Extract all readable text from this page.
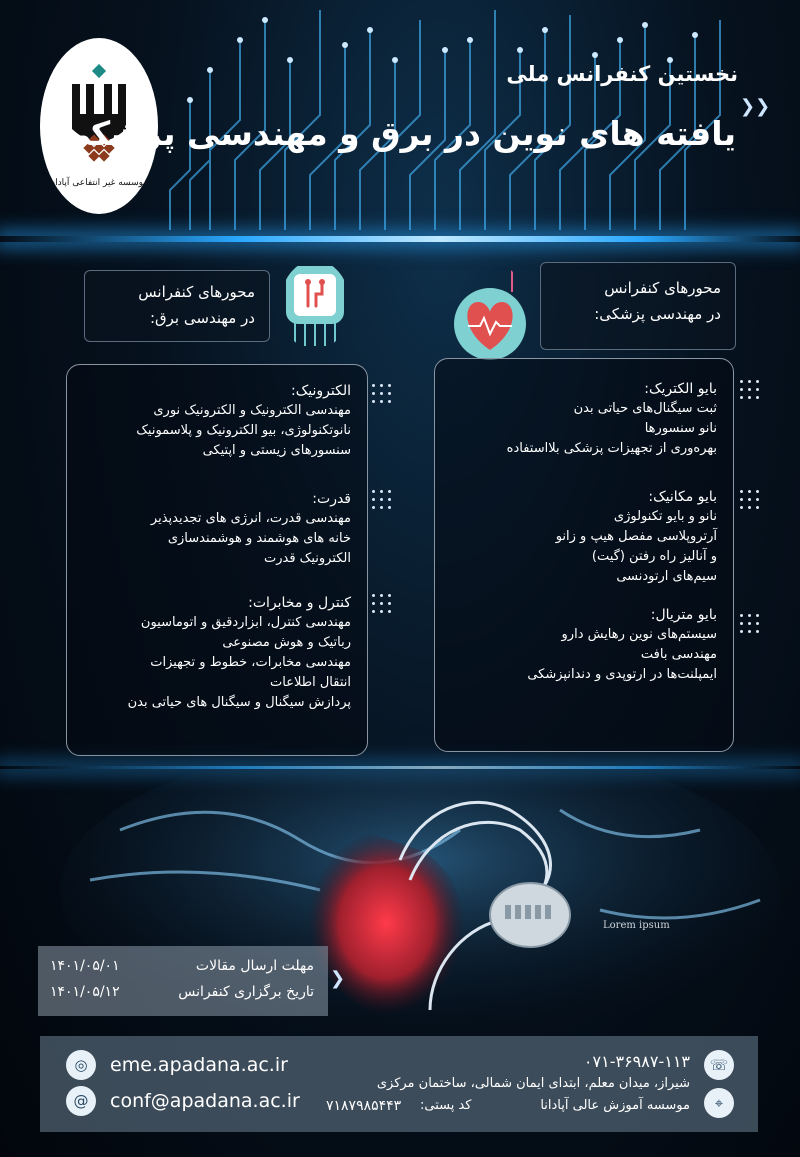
موسسه غیر انتفاعی آپادانا
نخستین کنفرانس ملی
یافته های نوین در برق و مهندسی پزشکی
❯❯
محورهای کنفرانس
در مهندسی برق:
محورهای کنفرانس
در مهندسی پزشکی:
الکترونیک:
مهندسی الکترونیک و الکترونیک نوری
نانوتکنولوژی، بیو الکترونیک و پلاسمونیک
سنسورهای زیستی و اپتیکی
قدرت:
مهندسی قدرت، انرژی های تجدیدپذیر
خانه های هوشمند و هوشمندسازی
الکترونیک قدرت
کنترل و مخابرات:
مهندسی کنترل، ابزاردقیق و اتوماسیون
رباتیک و هوش مصنوعی
مهندسی مخابرات، خطوط و تجهیزات
انتقال اطلاعات
پردازش سیگنال و سیگنال های حیاتی بدن
بایو الکتریک:
ثبت سیگنال‌های حیاتی بدن
نانو سنسورها
بهره‌وری از تجهیزات پزشکی بلااستفاده
بایو مکانیک:
نانو و بایو تکنولوژی
آرتروپلاسی مفصل هیپ و زانو
و آنالیز راه رفتن (گیت)
سیم‌های ارتودنسی
بایو متریال:
سیستم‌های نوین رهایش دارو
مهندسی بافت
ایمپلنت‌ها در ارتوپدی و دندانپزشکی
Lorem ipsum
مهلت ارسال مقالات
۱۴۰۱/۰۵/۰۱
تاریخ برگزاری کنفرانس
۱۴۰۱/۰۵/۱۲
❯
◎	eme.apadana.ac.ir
@	conf@apadana.ac.ir
☏
۰۷۱-۳۶۹۸۷-۱۱۳
⌖
شیراز، میدان معلم، ابتدای ایمان شمالی، ساختمان مرکزی
موسسه آموزش عالی آپادانا
کد پستی:
۷۱۸۷۹۸۵۴۴۳
